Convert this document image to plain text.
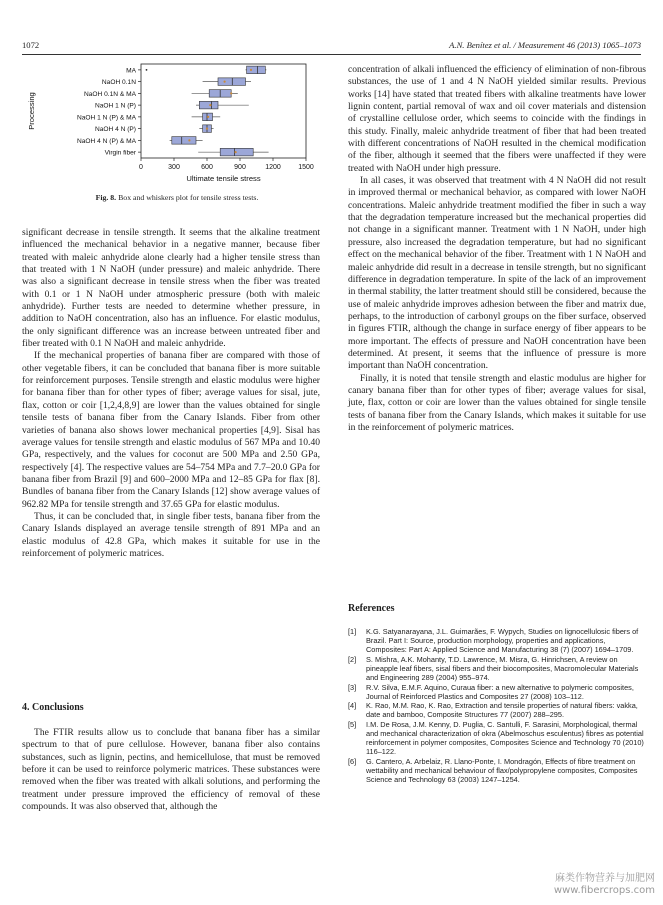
1072	A.N. Benítez et al. / Measurement 46 (2013) 1065–1073
0	300	600	900	1200 1500
MA
NaOH 0.1N
NaOH 0.1N & MA
NaOH 1 N (P)
NaOH 1 N (P) & MA
NaOH 4 N (P)
NaOH 4 N (P) & MA
Virgin fiber
Ultimate tensile stress
Processing
Fig. 8. Box and whiskers plot for tensile stress tests.

significant decrease in tensile strength. It seems that the alkaline treatment influenced the mechanical behavior in a negative manner, because fiber treated with maleic anhydride alone clearly had a higher tensile stress than that treated with 1 N NaOH (under pressure) and maleic anhydride. There was also a significant decrease in tensile stress when the fiber was treated with 0.1 or 1 N NaOH under atmospheric pressure (both with maleic anhydride). Further tests are needed to determine whether pressure, in addition to NaOH concentration, also has an influence. For elastic modulus, the only significant difference was an increase between untreated fiber and fiber treated with 0.1 N NaOH and maleic anhydride.

If the mechanical properties of banana fiber are compared with those of other vegetable fibers, it can be concluded that banana fiber is more suitable for reinforcement purposes. Tensile strength and elastic modulus were higher for banana fiber than for other types of fiber; average values for sisal, jute, flax, cotton or coir [1,2,4,8,9] are lower than the values obtained for single tensile tests of banana fiber from the Canary Islands. Fiber from other varieties of banana also shows lower mechanical properties [4,9]. Sisal has average values for tensile strength and elastic modulus of 567 MPa and 10.40 GPa, respectively, and the values for coconut are 500 MPa and 2.50 GPa, respectively [4]. The respective values are 54–754 MPa and 7.7–20.0 GPa for banana fiber from Brazil [9] and 600–2000 MPa and 12–85 GPa for flax [8]. Bundles of banana fiber from the Canary Islands [12] show average values of 962.82 MPa for tensile strength and 37.65 GPa for elastic modulus.

Thus, it can be concluded that, in single fiber tests, banana fiber from the Canary Islands displayed an average tensile strength of 891 MPa and an elastic modulus of 42.8 GPa, which makes it suitable for use in the reinforcement of polymeric matrices.

4. Conclusions

The FTIR results allow us to conclude that banana fiber has a similar spectrum to that of pure cellulose. However, banana fiber also contains substances, such as lignin, pectins, and hemicellulose, that must be removed before it can be used to reinforce polymeric matrices. These substances were removed when the fiber was treated with alkali solutions, and performing the treatment under pressure improved the efficiency of removal of these compounds. It was also observed that, although the

concentration of alkali influenced the efficiency of elimination of non-fibrous substances, the use of 1 and 4 N NaOH yielded similar results. Previous works [14] have stated that treated fibers with alkaline treatments have lower lignin content, partial removal of wax and oil cover materials and distension of crystalline cellulose order, which seems to coincide with the findings in this study. Finally, maleic anhydride treatment of fiber that had been treated with different concentrations of NaOH resulted in the chemical modification of the fiber, although it seemed that the fibers were unaffected if they were treated with NaOH under high pressure.

In all cases, it was observed that treatment with 4 N NaOH did not result in improved thermal or mechanical behavior, as compared with lower NaOH concentrations. Maleic anhydride treatment modified the fiber in such a way that the degradation temperature increased but the mechanical properties did not change in a significant manner. Treatment with 1 N NaOH, under high pressure, also increased the degradation temperature, but had no significant effect on the mechanical behavior of the fiber. Treatment with 1 N NaOH and maleic anhydride did result in a decrease in tensile strength, but no significant difference in degradation temperature. In spite of the lack of an improvement in thermal stability, the latter treatment should still be considered, because the use of maleic anhydride improves adhesion between the fiber and matrix due, perhaps, to the introduction of carbonyl groups on the fiber surface, observed in figures FTIR, although the change in surface energy of fiber appears to be more important. The effects of pressure and NaOH concentration have been determined. At present, it seems that the influence of pressure is more important than NaOH concentration.

Finally, it is noted that tensile strength and elastic modulus are higher for canary banana fiber than for other types of fiber; average values for sisal, jute, flax, cotton or coir are lower than the values obtained for single tensile tests of banana fiber from the Canary Islands, which makes it suitable for use in the reinforcement of polymeric matrices.

References
[1] K.G. Satyanarayana, J.L. Guimarães, F. Wypych, Studies on lignocellulosic fibers of Brazil. Part I: Source, production morphology, properties and applications, Composites: Part A: Applied Science and Manufacturing 38 (7) (2007) 1694–1709.
[2] S. Mishra, A.K. Mohanty, T.D. Lawrence, M. Misra, G. Hinrichsen, A review on pineapple leaf fibers, sisal fibers and their biocomposites, Macromolecular Materials and Engineering 289 (2004) 955–974.
[3] R.V. Silva, E.M.F. Aquino, Curaua fiber: a new alternative to polymeric composites, Journal of Reinforced Plastics and Composites 27 (2008) 103–112.
[4] K. Rao, M.M. Rao, K. Rao, Extraction and tensile properties of natural fibers: vakka, date and bamboo, Composite Structures 77 (2007) 288–295.
[5] I.M. De Rosa, J.M. Kenny, D. Puglia, C. Santulli, F. Sarasini, Morphological, thermal and mechanical characterization of okra (Abelmoschus esculentus) fibres as potential reinforcement in polymer composites, Composites Science and Technology 70 (2010) 116–122.
[6] G. Cantero, A. Arbelaiz, R. Llano-Ponte, I. Mondragón, Effects of fibre treatment on wettability and mechanical behaviour of flax/polypropylene composites, Composites Science and Technology 63 (2003) 1247–1254.
麻类作物营养与加肥网
www.fibercrops.com
